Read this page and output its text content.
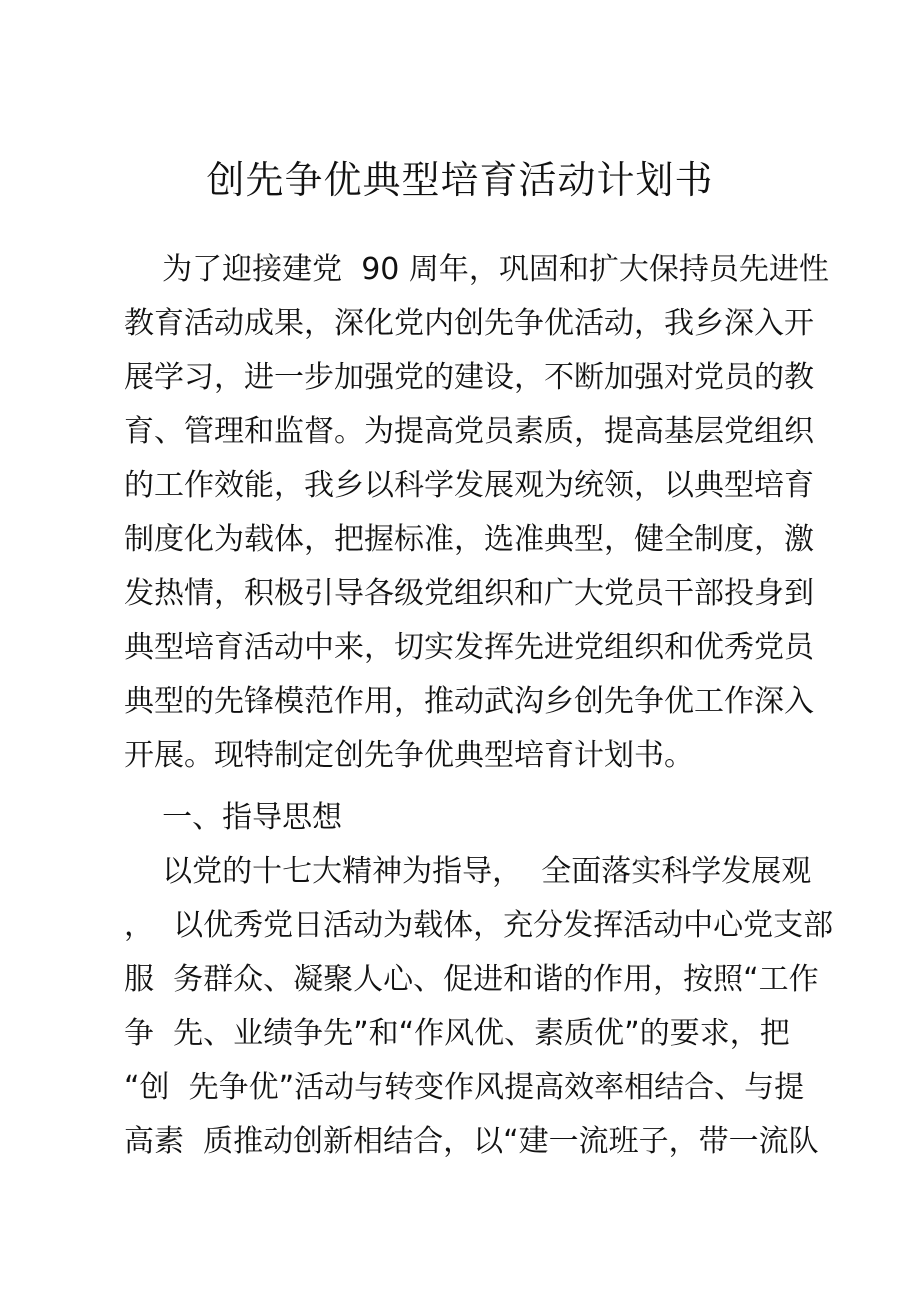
创先争优典型培育活动计划书

为了迎接建党  90 周年，巩固和扩大保持员先进性

教育活动成果，深化党内创先争优活动，我乡深入开

展学习，进一步加强党的建设，不断加强对党员的教

育、管理和监督。为提高党员素质，提高基层党组织

的工作效能，我乡以科学发展观为统领，以典型培育

制度化为载体，把握标准，选准典型，健全制度，激

发热情，积极引导各级党组织和广大党员干部投身到

典型培育活动中来，切实发挥先进党组织和优秀党员

典型的先锋模范作用，推动武沟乡创先争优工作深入

开展。现特制定创先争优典型培育计划书。

一、指导思想

以党的十七大精神为指导，  全面落实科学发展观

，  以优秀党日活动为载体，充分发挥活动中心党支部

服  务群众、凝聚人心、促进和谐的作用，按照“工作

争  先、业绩争先”和“作风优、素质优”的要求，把

“创  先争优”活动与转变作风提高效率相结合、与提

高素  质推动创新相结合，以“建一流班子，带一流队
